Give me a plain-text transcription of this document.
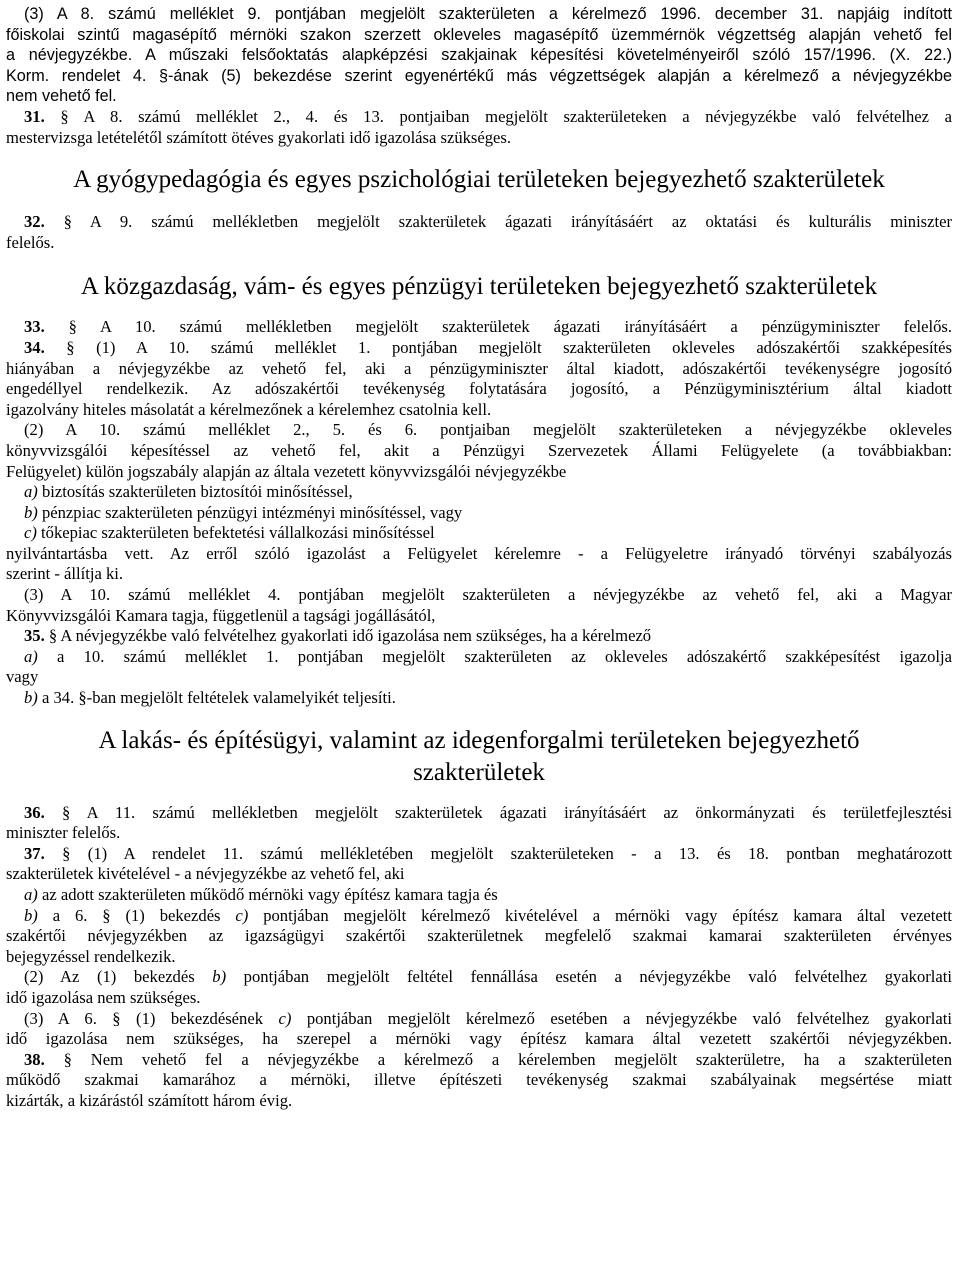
(3) A 8. számú melléklet 9. pontjában megjelölt szakterületen a kérelmező 1996. december 31. napjáig indított

főiskolai szintű magasépítő mérnöki szakon szerzett okleveles magasépítő üzemmérnök végzettség alapján vehető fel

a névjegyzékbe. A műszaki felsőoktatás alapképzési szakjainak képesítési követelményeiről szóló 157/1996. (X. 22.)

Korm. rendelet 4. §-ának (5) bekezdése szerint egyenértékű más végzettségek alapján a kérelmező a névjegyzékbe

nem vehető fel.

31. § A 8. számú melléklet 2., 4. és 13. pontjaiban megjelölt szakterületeken a névjegyzékbe való felvételhez a

mestervizsga letételétől számított ötéves gyakorlati idő igazolása szükséges.

A gyógypedagógia és egyes pszichológiai területeken bejegyezhető szakterületek

32. § A 9. számú mellékletben megjelölt szakterületek ágazati irányításáért az oktatási és kulturális miniszter

felelős.

A közgazdaság, vám- és egyes pénzügyi területeken bejegyezhető szakterületek

33. § A 10. számú mellékletben megjelölt szakterületek ágazati irányításáért a pénzügyminiszter felelős.

34. § (1) A 10. számú melléklet 1. pontjában megjelölt szakterületen okleveles adószakértői szakképesítés

hiányában a névjegyzékbe az vehető fel, aki a pénzügyminiszter által kiadott, adószakértői tevékenységre jogosító

engedéllyel rendelkezik. Az adószakértői tevékenység folytatására jogosító, a Pénzügyminisztérium által kiadott

igazolvány hiteles másolatát a kérelmezőnek a kérelemhez csatolnia kell.

(2) A 10. számú melléklet 2., 5. és 6. pontjaiban megjelölt szakterületeken a névjegyzékbe okleveles

könyvvizsgálói képesítéssel az vehető fel, akit a Pénzügyi Szervezetek Állami Felügyelete (a továbbiakban:

Felügyelet) külön jogszabály alapján az általa vezetett könyvvizsgálói névjegyzékbe

a) biztosítás szakterületen biztosítói minősítéssel,

b) pénzpiac szakterületen pénzügyi intézményi minősítéssel, vagy

c) tőkepiac szakterületen befektetési vállalkozási minősítéssel

nyilvántartásba vett. Az erről szóló igazolást a Felügyelet kérelemre - a Felügyeletre irányadó törvényi szabályozás

szerint - állítja ki.

(3) A 10. számú melléklet 4. pontjában megjelölt szakterületen a névjegyzékbe az vehető fel, aki a Magyar

Könyvvizsgálói Kamara tagja, függetlenül a tagsági jogállásától,

35. § A névjegyzékbe való felvételhez gyakorlati idő igazolása nem szükséges, ha a kérelmező

a) a 10. számú melléklet 1. pontjában megjelölt szakterületen az okleveles adószakértő szakképesítést igazolja

vagy

b) a 34. §-ban megjelölt feltételek valamelyikét teljesíti.

A lakás- és építésügyi, valamint az idegenforgalmi területeken bejegyezhető
szakterületek

36. § A 11. számú mellékletben megjelölt szakterületek ágazati irányításáért az önkormányzati és területfejlesztési

miniszter felelős.

37. § (1) A rendelet 11. számú mellékletében megjelölt szakterületeken - a 13. és 18. pontban meghatározott

szakterületek kivételével - a névjegyzékbe az vehető fel, aki

a) az adott szakterületen működő mérnöki vagy építész kamara tagja és

b) a 6. § (1) bekezdés c) pontjában megjelölt kérelmező kivételével a mérnöki vagy építész kamara által vezetett

szakértői névjegyzékben az igazságügyi szakértői szakterületnek megfelelő szakmai kamarai szakterületen érvényes

bejegyzéssel rendelkezik.

(2) Az (1) bekezdés b) pontjában megjelölt feltétel fennállása esetén a névjegyzékbe való felvételhez gyakorlati

idő igazolása nem szükséges.

(3) A 6. § (1) bekezdésének c) pontjában megjelölt kérelmező esetében a névjegyzékbe való felvételhez gyakorlati

idő igazolása nem szükséges, ha szerepel a mérnöki vagy építész kamara által vezetett szakértői névjegyzékben.

38. § Nem vehető fel a névjegyzékbe a kérelmező a kérelemben megjelölt szakterületre, ha a szakterületen

működő szakmai kamarához a mérnöki, illetve építészeti tevékenység szakmai szabályainak megsértése miatt

kizárták, a kizárástól számított három évig.
